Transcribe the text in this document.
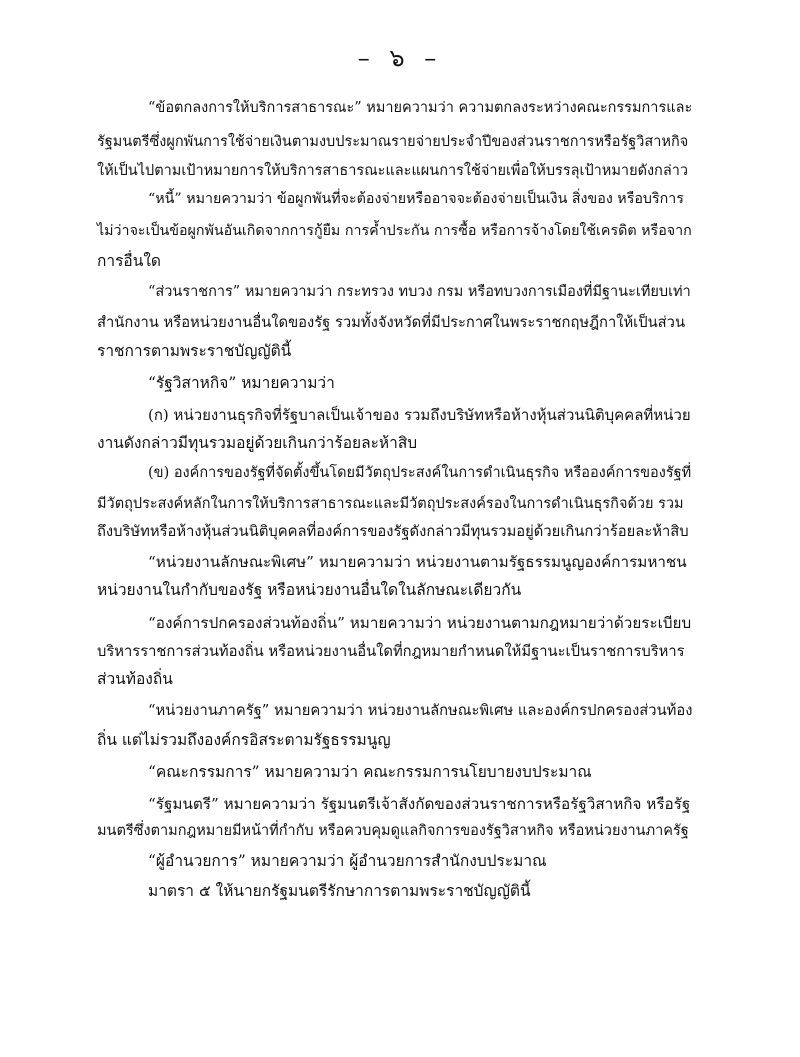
– ๖ –
“ข้อตกลงการให้บริการสาธารณะ” หมายความว่า ความตกลงระหว่างคณะกรรมการและ
รัฐมนตรีซึ่งผูกพันการใช้จ่ายเงินตามงบประมาณรายจ่ายประจำปีของส่วนราชการหรือรัฐวิสาหกิจ
ให้เป็นไปตามเป้าหมายการให้บริการสาธารณะและแผนการใช้จ่ายเพื่อให้บรรลุเป้าหมายดังกล่าว
“หนี้” หมายความว่า ข้อผูกพันที่จะต้องจ่ายหรืออาจจะต้องจ่ายเป็นเงิน สิ่งของ หรือบริการ
ไม่ว่าจะเป็นข้อผูกพันอันเกิดจากการกู้ยืม การค้ำประกัน การซื้อ หรือการจ้างโดยใช้เครดิต หรือจาก
การอื่นใด
“ส่วนราชการ” หมายความว่า กระทรวง ทบวง กรม หรือทบวงการเมืองที่มีฐานะเทียบเท่า
สำนักงาน หรือหน่วยงานอื่นใดของรัฐ รวมทั้งจังหวัดที่มีประกาศในพระราชกฤษฎีกาให้เป็นส่วน
ราชการตามพระราชบัญญัตินี้
“รัฐวิสาหกิจ” หมายความว่า
(ก) หน่วยงานธุรกิจที่รัฐบาลเป็นเจ้าของ รวมถึงบริษัทหรือห้างหุ้นส่วนนิติบุคคลที่หน่วย
งานดังกล่าวมีทุนรวมอยู่ด้วยเกินกว่าร้อยละห้าสิบ
(ข) องค์การของรัฐที่จัดตั้งขึ้นโดยมีวัตถุประสงค์ในการดำเนินธุรกิจ หรือองค์การของรัฐที่
มีวัตถุประสงค์หลักในการให้บริการสาธารณะและมีวัตถุประสงค์รองในการดำเนินธุรกิจด้วย รวม
ถึงบริษัทหรือห้างหุ้นส่วนนิติบุคคลที่องค์การของรัฐดังกล่าวมีทุนรวมอยู่ด้วยเกินกว่าร้อยละห้าสิบ
“หน่วยงานลักษณะพิเศษ” หมายความว่า หน่วยงานตามรัฐธรรมนูญองค์การมหาชน
หน่วยงานในกำกับของรัฐ หรือหน่วยงานอื่นใดในลักษณะเดียวกัน
“องค์การปกครองส่วนท้องถิ่น” หมายความว่า หน่วยงานตามกฎหมายว่าด้วยระเบียบ
บริหารราชการส่วนท้องถิ่น หรือหน่วยงานอื่นใดที่กฎหมายกำหนดให้มีฐานะเป็นราชการบริหาร
ส่วนท้องถิ่น
“หน่วยงานภาครัฐ” หมายความว่า หน่วยงานลักษณะพิเศษ และองค์กรปกครองส่วนท้อง
ถิ่น แต่ไม่รวมถึงองค์กรอิสระตามรัฐธรรมนูญ
“คณะกรรมการ” หมายความว่า คณะกรรมการนโยบายงบประมาณ
“รัฐมนตรี” หมายความว่า รัฐมนตรีเจ้าสังกัดของส่วนราชการหรือรัฐวิสาหกิจ หรือรัฐ
มนตรีซึ่งตามกฎหมายมีหน้าที่กำกับ หรือควบคุมดูแลกิจการของรัฐวิสาหกิจ หรือหน่วยงานภาครัฐ
“ผู้อำนวยการ” หมายความว่า ผู้อำนวยการสำนักงบประมาณ
มาตรา ๕ ให้นายกรัฐมนตรีรักษาการตามพระราชบัญญัตินี้
